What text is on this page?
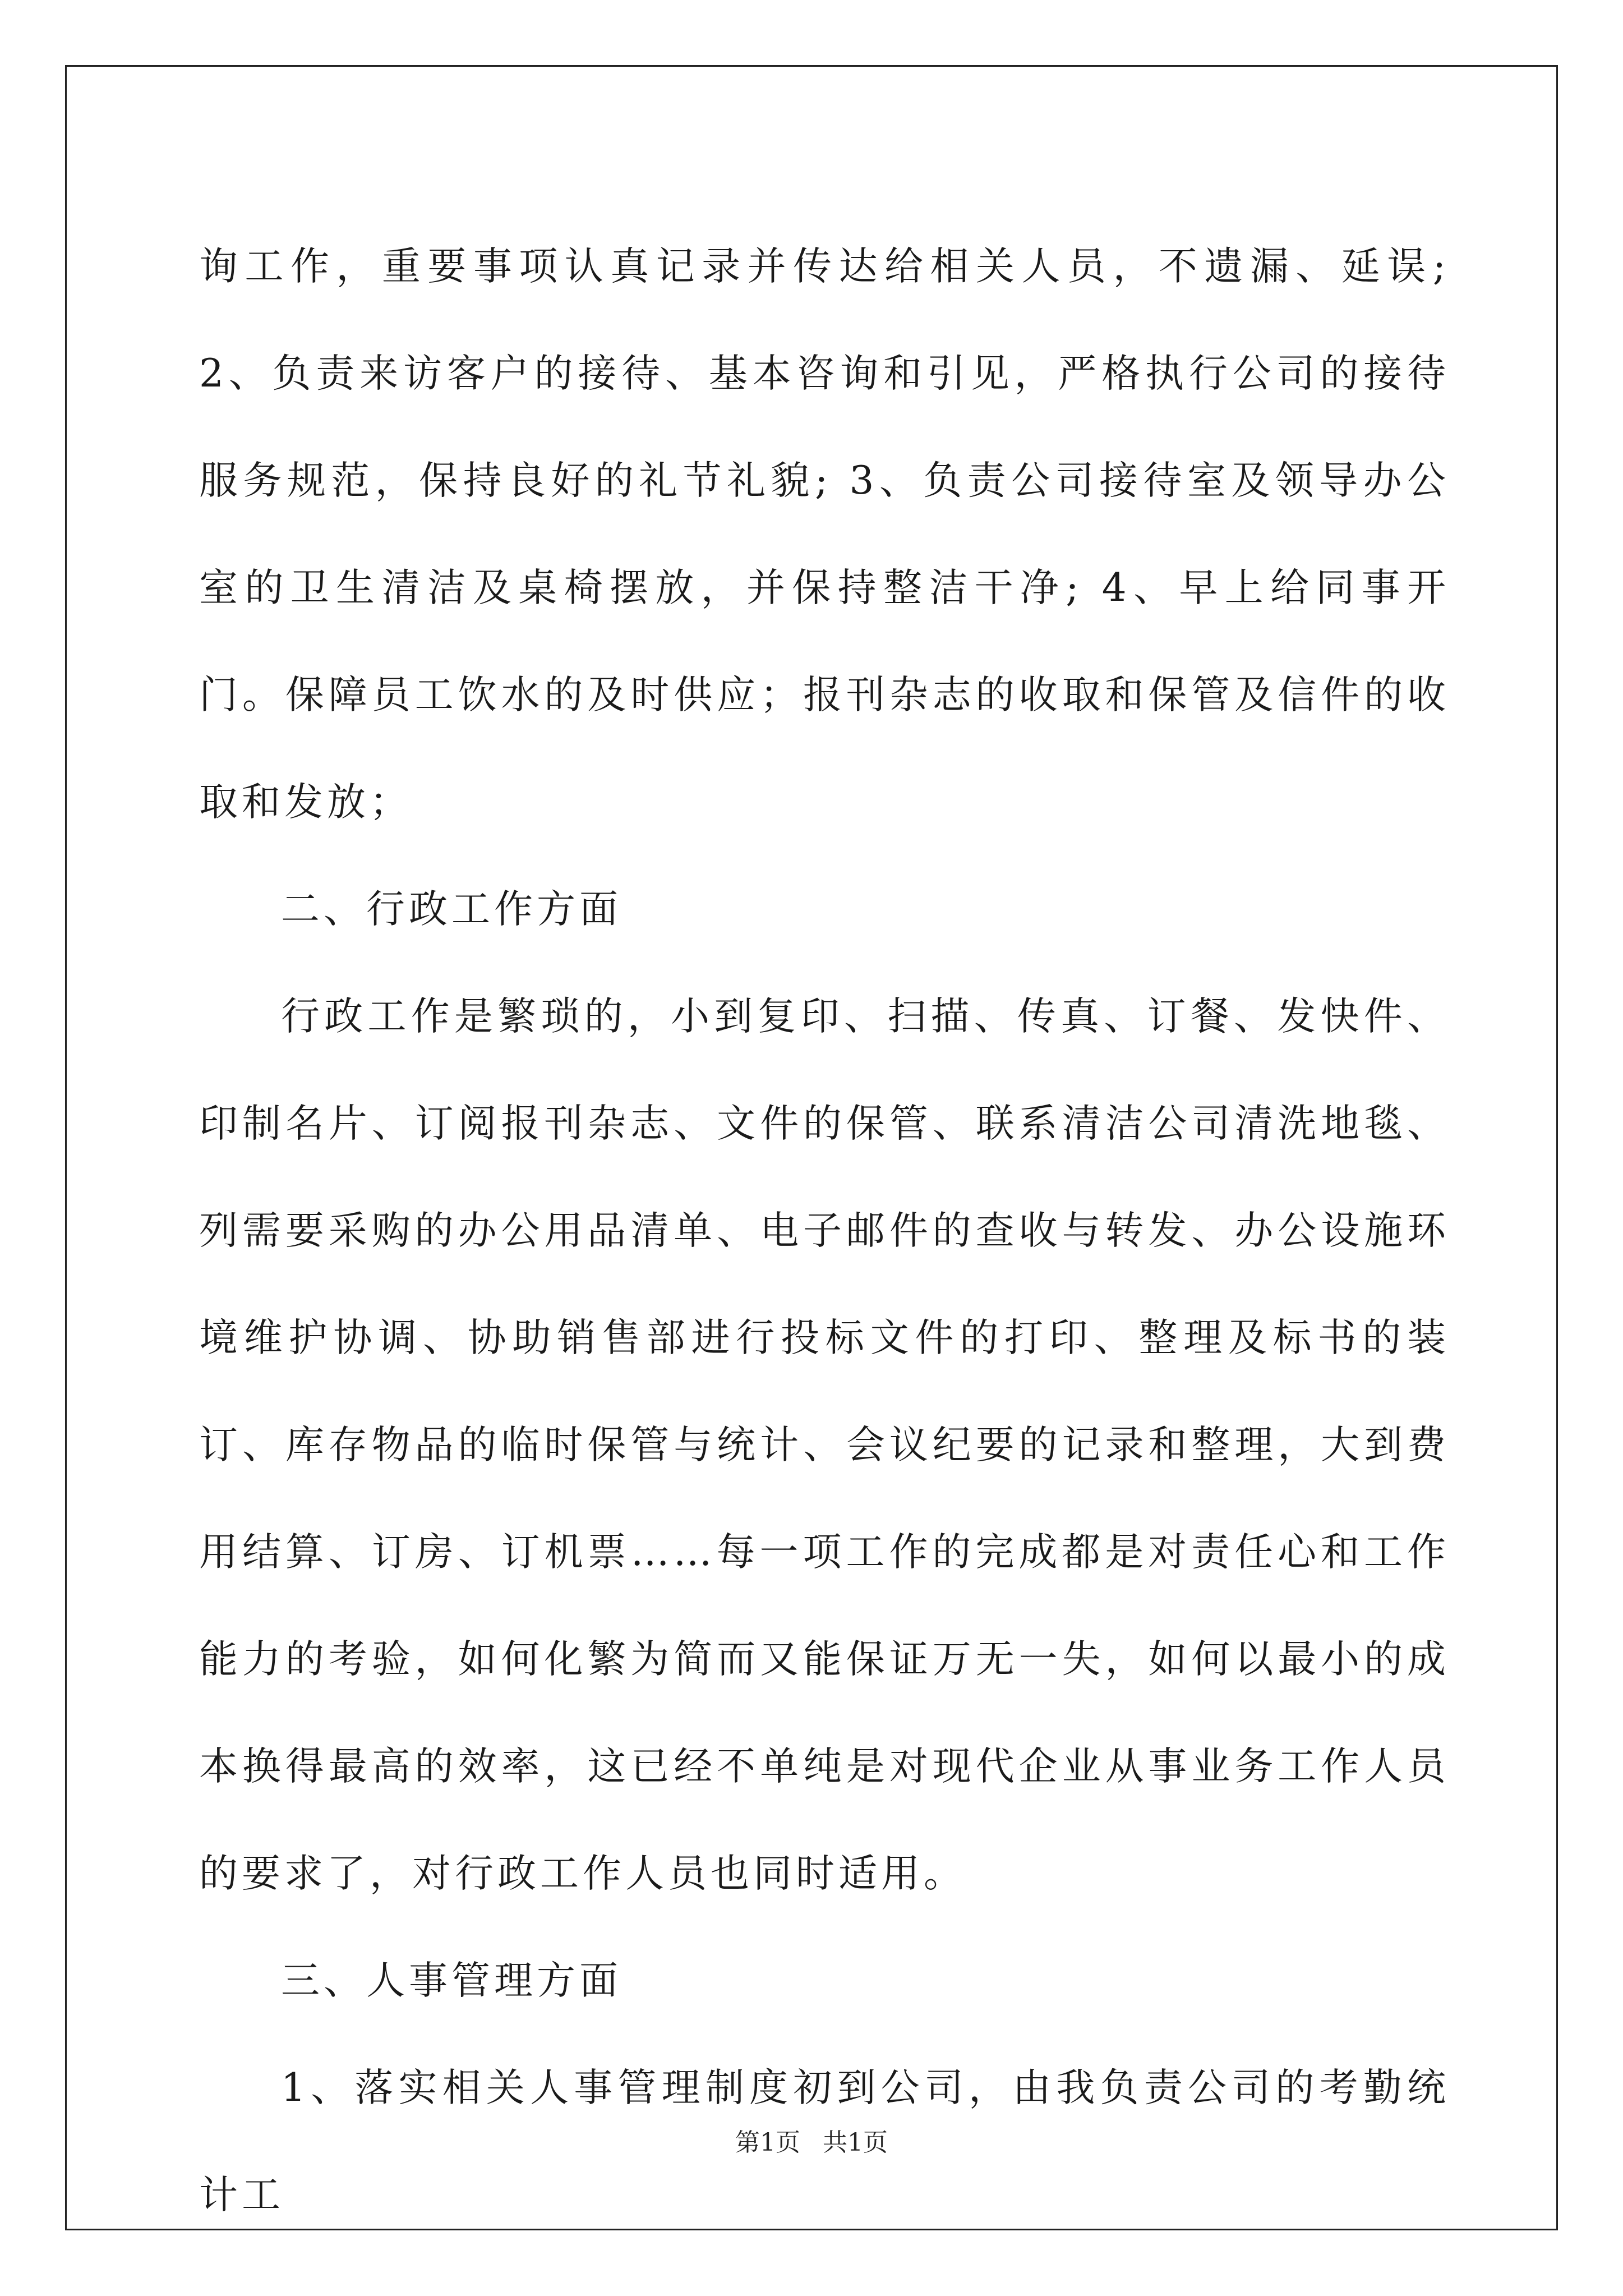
询工作，重要事项认真记录并传达给相关人员，不遗漏、延误; 2、负责来访客户的接待、基本咨询和引见，严格执行公司的接待服务规范，保持良好的礼节礼貌; 3、负责公司接待室及领导办公室的卫生清洁及桌椅摆放，并保持整洁干净; 4、早上给同事开门。保障员工饮水的及时供应；报刊杂志的收取和保管及信件的收取和发放；

二、行政工作方面

行政工作是繁琐的，小到复印、扫描、传真、订餐、发快件、印制名片、订阅报刊杂志、文件的保管、联系清洁公司清洗地毯、列需要采购的办公用品清单、电子邮件的查收与转发、办公设施环境维护协调、协助销售部进行投标文件的打印、整理及标书的装订、库存物品的临时保管与统计、会议纪要的记录和整理，大到费用结算、订房、订机票……每一项工作的完成都是对责任心和工作能力的考验，如何化繁为简而又能保证万无一失，如何以最小的成本换得最高的效率，这已经不单纯是对现代企业从事业务工作人员的要求了，对行政工作人员也同时适用。

三、人事管理方面

1、落实相关人事管理制度初到公司，由我负责公司的考勤统计工

第1页 共1页
